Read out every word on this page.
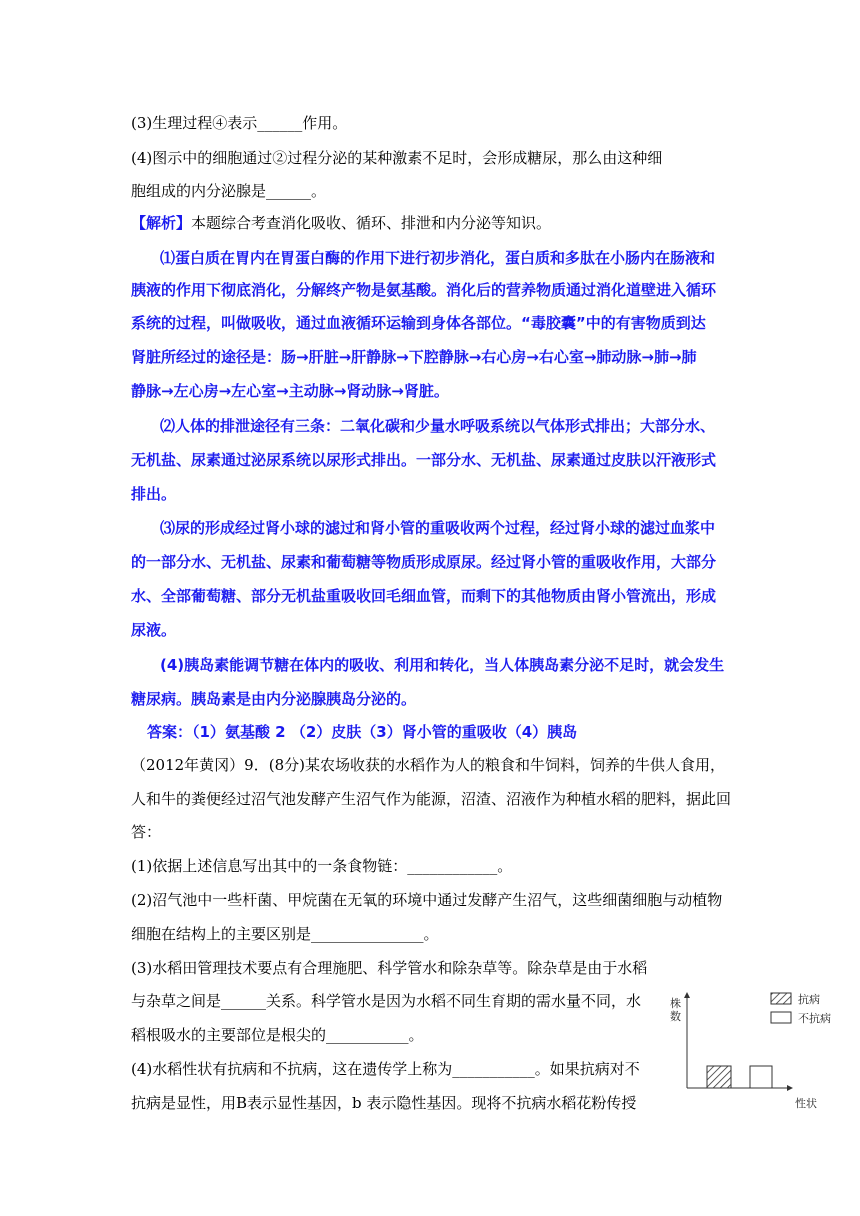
(3)生理过程④表示______作用。
(4)图示中的细胞通过②过程分泌的某种激素不足时，会形成糖尿，那么由这种细
胞组成的内分泌腺是______。
【解析】本题综合考查消化吸收、循环、排泄和内分泌等知识。
⑴蛋白质在胃内在胃蛋白酶的作用下进行初步消化，蛋白质和多肽在小肠内在肠液和
胰液的作用下彻底消化，分解终产物是氨基酸。消化后的营养物质通过消化道壁进入循环
系统的过程，叫做吸收，通过血液循环运输到身体各部位。“毒胶囊”中的有害物质到达
肾脏所经过的途径是：肠→肝脏→肝静脉→下腔静脉→右心房→右心室→肺动脉→肺→肺
静脉→左心房→左心室→主动脉→肾动脉→肾脏。
⑵人体的排泄途径有三条：二氧化碳和少量水呼吸系统以气体形式排出；大部分水、
无机盐、尿素通过泌尿系统以尿形式排出。一部分水、无机盐、尿素通过皮肤以汗液形式
排出。
⑶尿的形成经过肾小球的滤过和肾小管的重吸收两个过程，经过肾小球的滤过血浆中
的一部分水、无机盐、尿素和葡萄糖等物质形成原尿。经过肾小管的重吸收作用，大部分
水、全部葡萄糖、部分无机盐重吸收回毛细血管，而剩下的其他物质由肾小管流出，形成
尿液。
(4)胰岛素能调节糖在体内的吸收、利用和转化，当人体胰岛素分泌不足时，就会发生
糖尿病。胰岛素是由内分泌腺胰岛分泌的。
答案：（1）氨基酸 2 （2）皮肤（3）肾小管的重吸收（4）胰岛
（2012年黄冈）9．(8分)某农场收获的水稻作为人的粮食和牛饲料，饲养的牛供人食用，
人和牛的粪便经过沼气池发酵产生沼气作为能源，沼渣、沼液作为种植水稻的肥料，据此回
答：
(1)依据上述信息写出其中的一条食物链：____________。
(2)沼气池中一些杆菌、甲烷菌在无氧的环境中通过发酵产生沼气，这些细菌细胞与动植物
细胞在结构上的主要区别是_______________。
(3)水稻田管理技术要点有合理施肥、科学管水和除杂草等。除杂草是由于水稻
与杂草之间是______关系。科学管水是因为水稻不同生育期的需水量不同，水
稻根吸水的主要部位是根尖的___________。
(4)水稻性状有抗病和不抗病，这在遗传学上称为___________。如果抗病对不
抗病是显性，用B表示显性基因，b 表示隐性基因。现将不抗病水稻花粉传授
株
数
性状
抗病
不抗病
